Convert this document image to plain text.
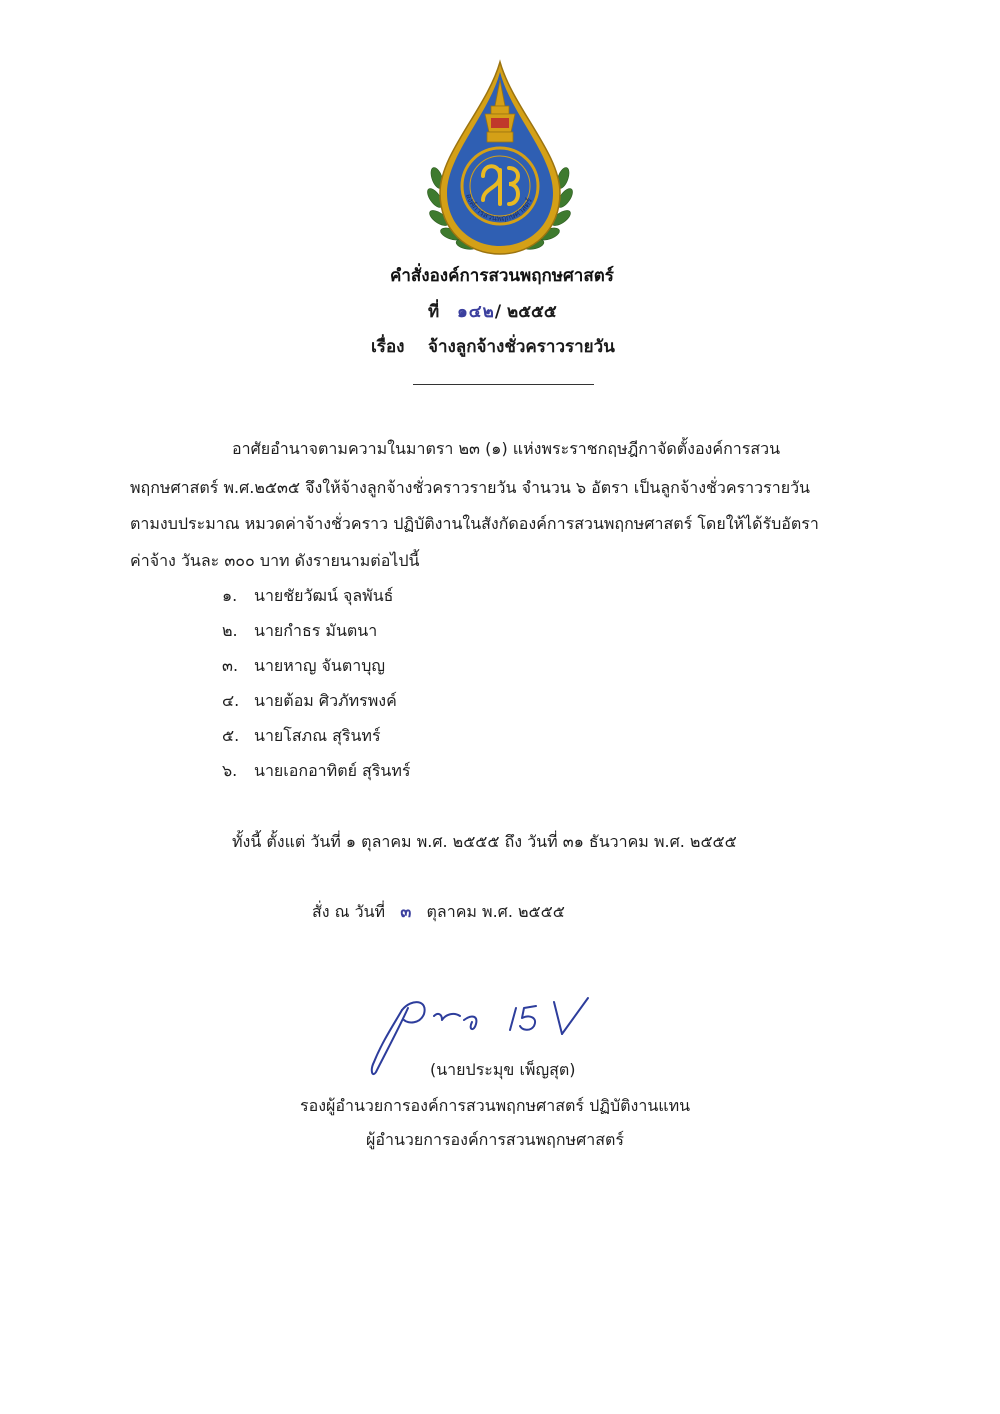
องค์การสวนพฤกษศาสตร์
คำสั่งองค์การสวนพฤกษศาสตร์
ที่ ๑๔๒/ ๒๕๕๕
เรื่อง จ้างลูกจ้างชั่วคราวรายวัน
อาศัยอำนาจตามความในมาตรา ๒๓ (๑) แห่งพระราชกฤษฎีกาจัดตั้งองค์การสวน
พฤกษศาสตร์ พ.ศ.๒๕๓๕ จึงให้จ้างลูกจ้างชั่วคราวรายวัน จำนวน ๖ อัตรา เป็นลูกจ้างชั่วคราวรายวัน
ตามงบประมาณ หมวดค่าจ้างชั่วคราว ปฏิบัติงานในสังกัดองค์การสวนพฤกษศาสตร์ โดยให้ได้รับอัตรา
ค่าจ้าง วันละ ๓๐๐ บาท ดังรายนามต่อไปนี้
๑. นายชัยวัฒน์ จุลพันธ์
๒. นายกำธร มันตนา
๓. นายหาญ จันตาบุญ
๔. นายต้อม ศิวภัทรพงค์
๕. นายโสภณ สุรินทร์
๖. นายเอกอาทิตย์ สุรินทร์
ทั้งนี้ ตั้งแต่ วันที่ ๑ ตุลาคม พ.ศ. ๒๕๕๕ ถึง วันที่ ๓๑ ธันวาคม พ.ศ. ๒๕๕๕
สั่ง ณ วันที่ ๓ ตุลาคม พ.ศ. ๒๕๕๕
(นายประมุข เพ็ญสุต)
รองผู้อำนวยการองค์การสวนพฤกษศาสตร์ ปฏิบัติงานแทน
ผู้อำนวยการองค์การสวนพฤกษศาสตร์
